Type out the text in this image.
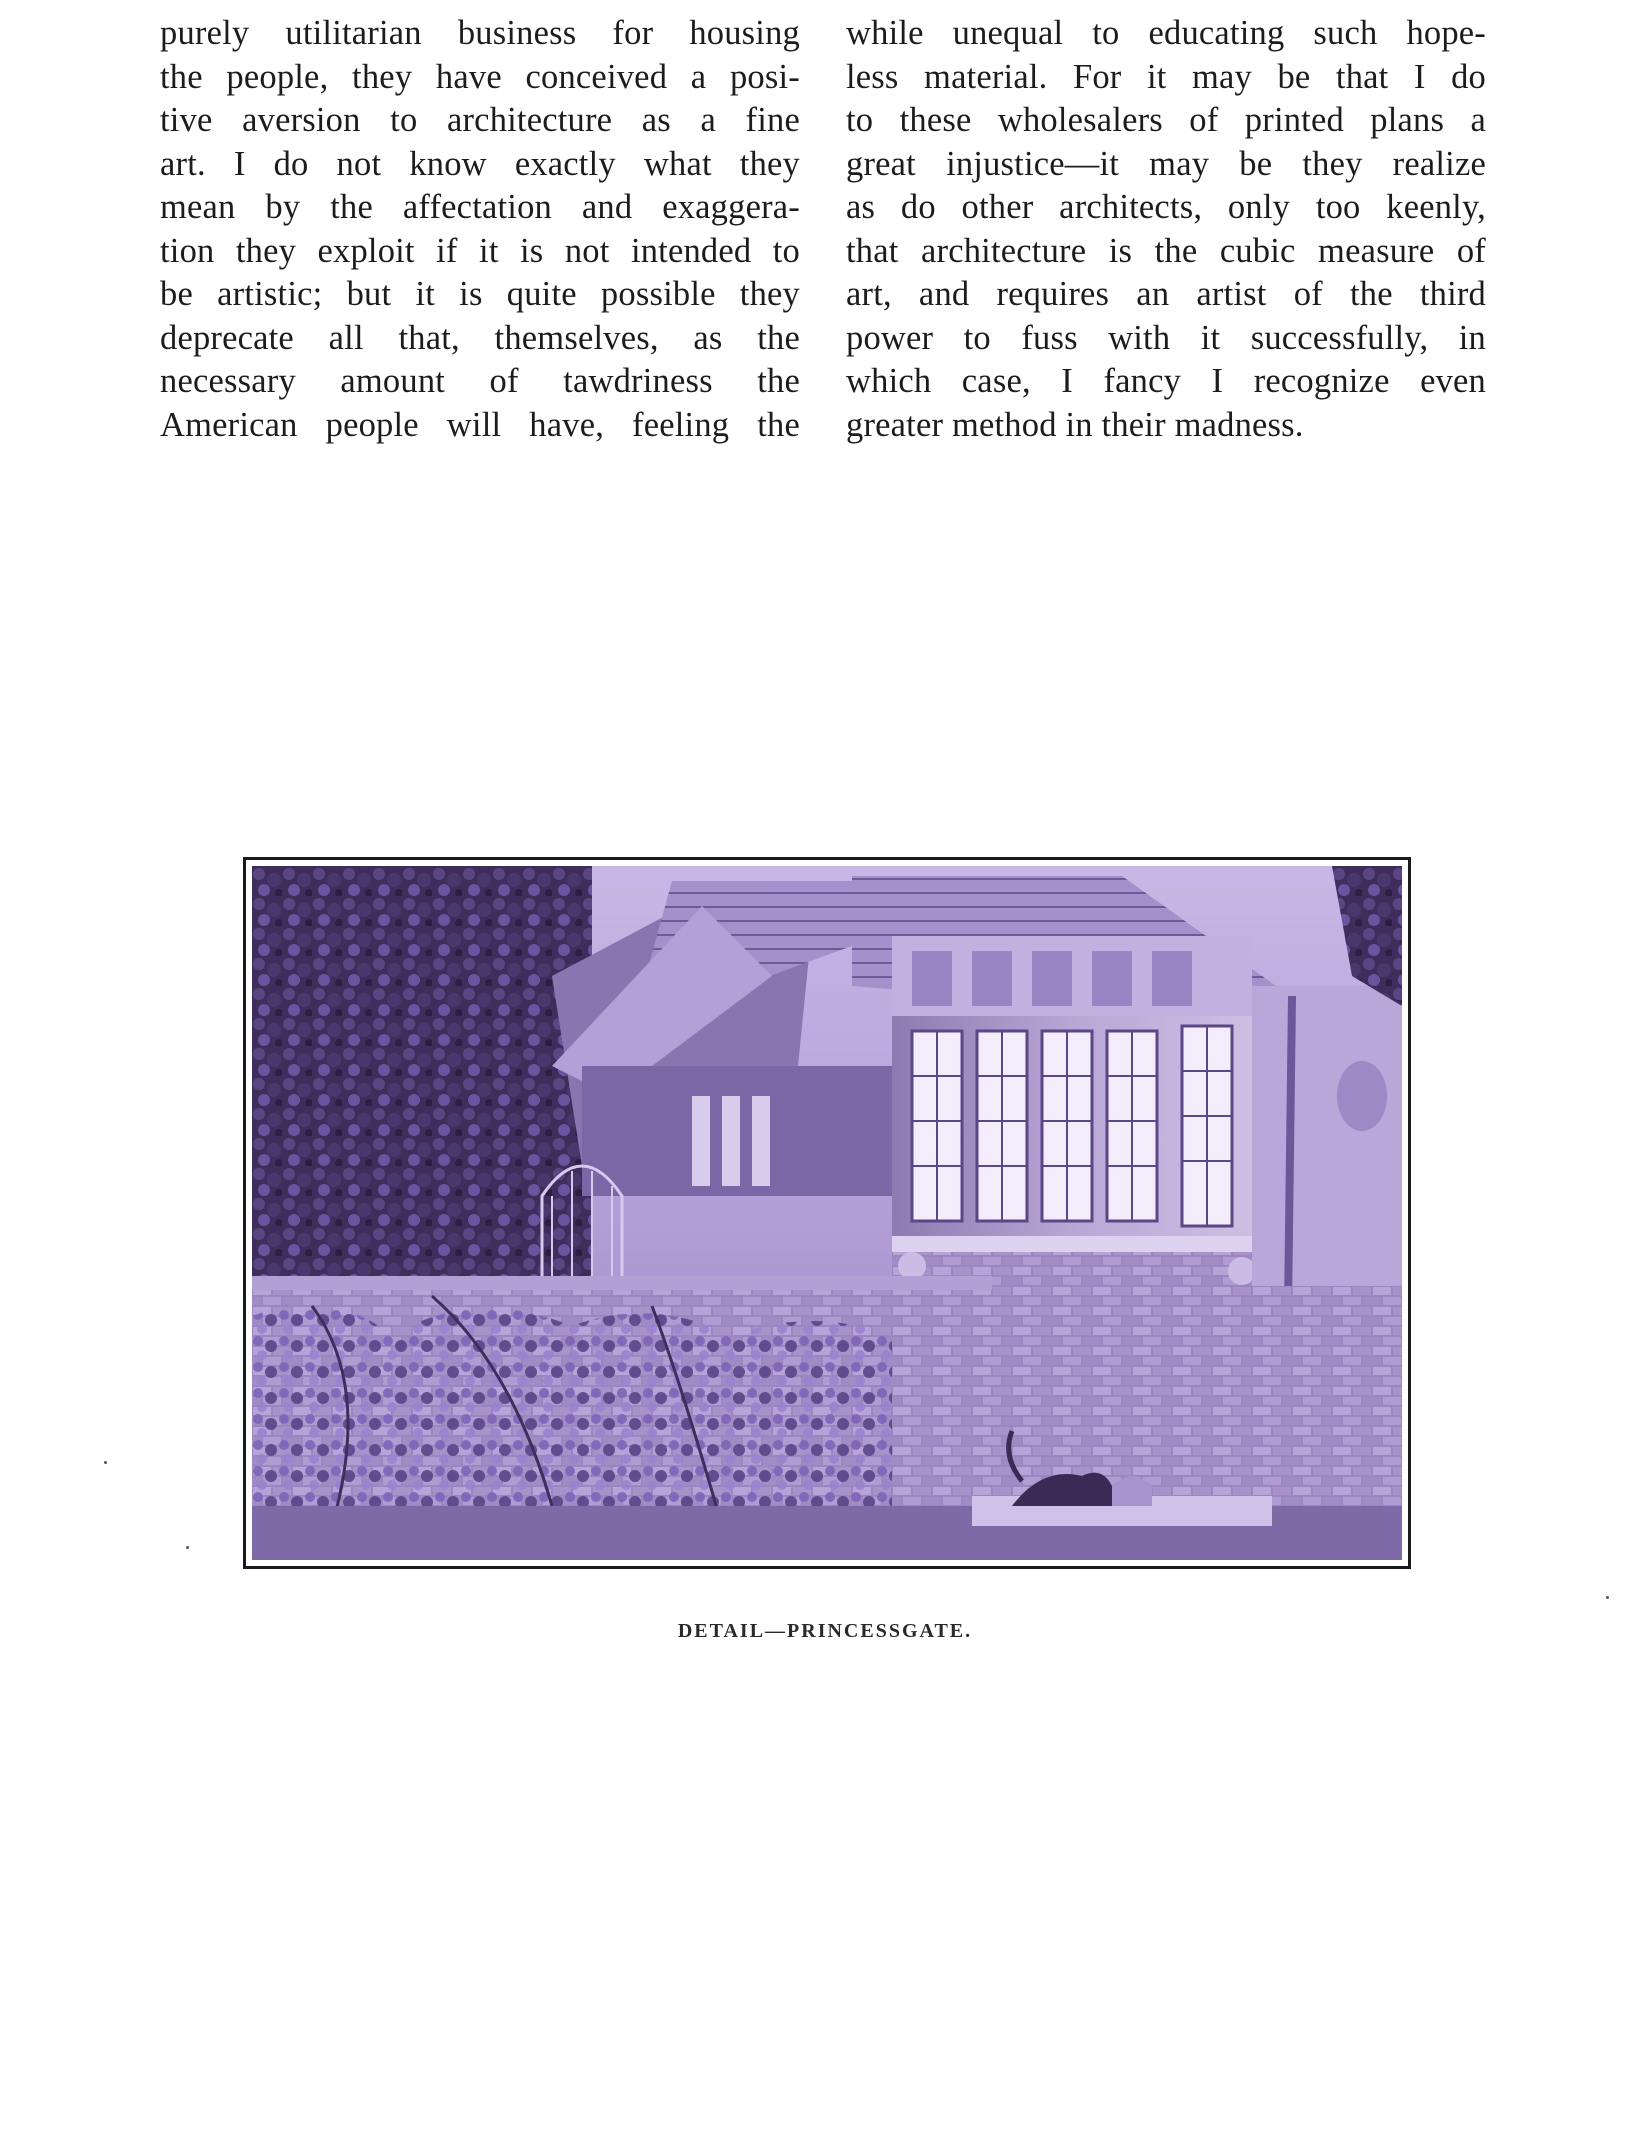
purely utilitarian business for housing
the people, they have conceived a posi-
tive aversion to architecture as a fine
art. I do not know exactly what they
mean by the affectation and exaggera-
tion they exploit if it is not intended to
be artistic; but it is quite possible they
deprecate all that, themselves, as the
necessary amount of tawdriness the
American people will have, feeling the
while unequal to educating such hope-
less material. For it may be that I do
to these wholesalers of printed plans a
great injustice—it may be they realize
as do other architects, only too keenly,
that architecture is the cubic measure of
art, and requires an artist of the third
power to fuss with it successfully, in
which case, I fancy I recognize even
greater method in their madness.
DETAIL—PRINCESSGATE.
